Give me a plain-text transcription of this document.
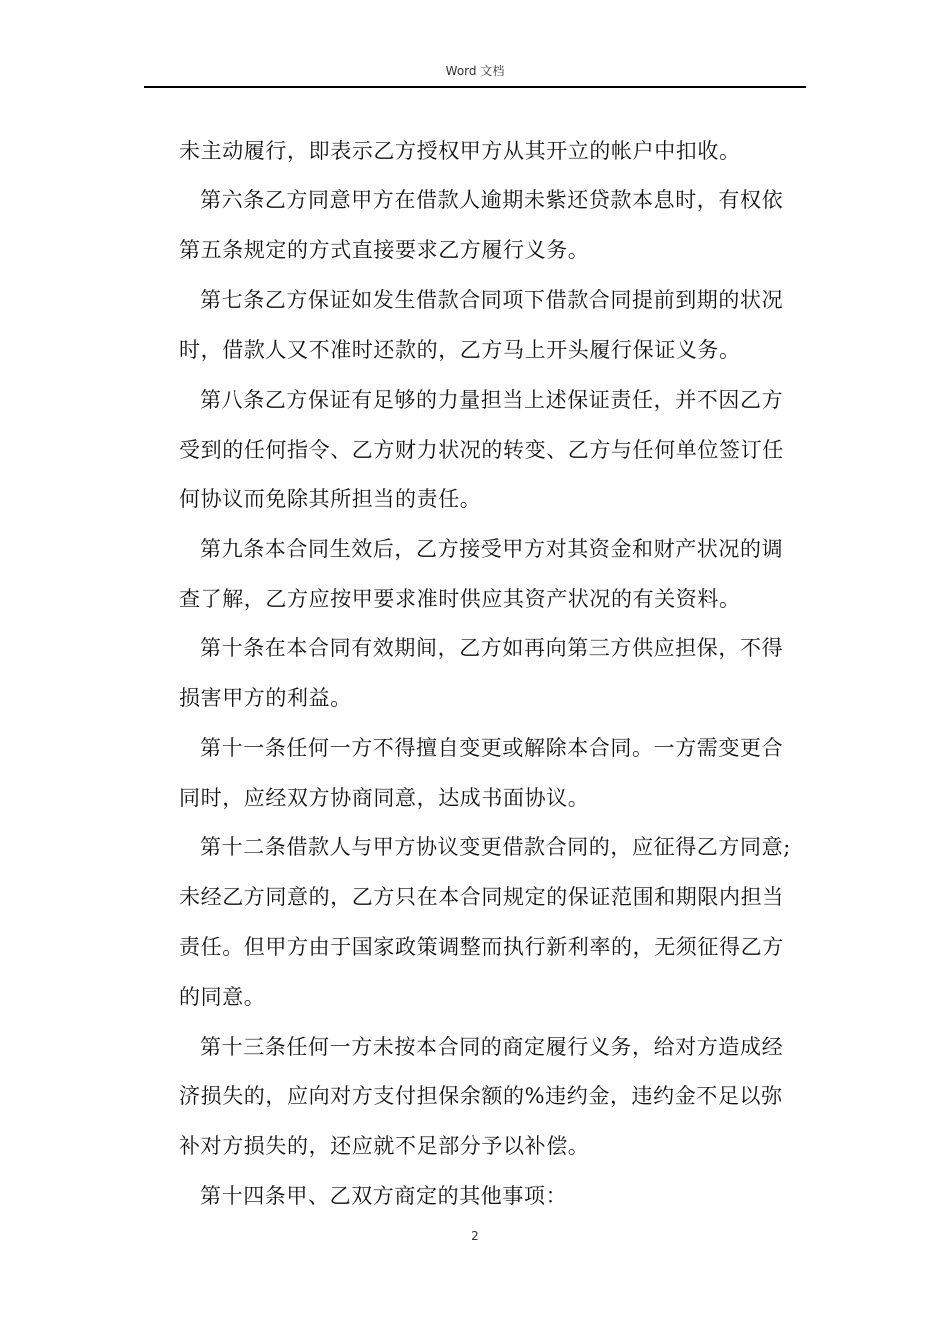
Word 文档
未主动履行，即表示乙方授权甲方从其开立的帐户中扣收。
第六条乙方同意甲方在借款人逾期未紫还贷款本息时，有权依
第五条规定的方式直接要求乙方履行义务。
第七条乙方保证如发生借款合同项下借款合同提前到期的状况
时，借款人又不准时还款的，乙方马上开头履行保证义务。
第八条乙方保证有足够的力量担当上述保证责任，并不因乙方
受到的任何指令、乙方财力状况的转变、乙方与任何单位签订任
何协议而免除其所担当的责任。
第九条本合同生效后，乙方接受甲方对其资金和财产状况的调
查了解，乙方应按甲要求准时供应其资产状况的有关资料。
第十条在本合同有效期间，乙方如再向第三方供应担保，不得
损害甲方的利益。
第十一条任何一方不得擅自变更或解除本合同。一方需变更合
同时，应经双方协商同意，达成书面协议。
第十二条借款人与甲方协议变更借款合同的，应征得乙方同意;
未经乙方同意的，乙方只在本合同规定的保证范围和期限内担当
责任。但甲方由于国家政策调整而执行新利率的，无须征得乙方
的同意。
第十三条任何一方未按本合同的商定履行义务，给对方造成经
济损失的，应向对方支付担保余额的%违约金，违约金不足以弥
补对方损失的，还应就不足部分予以补偿。
第十四条甲、乙双方商定的其他事项：
2
